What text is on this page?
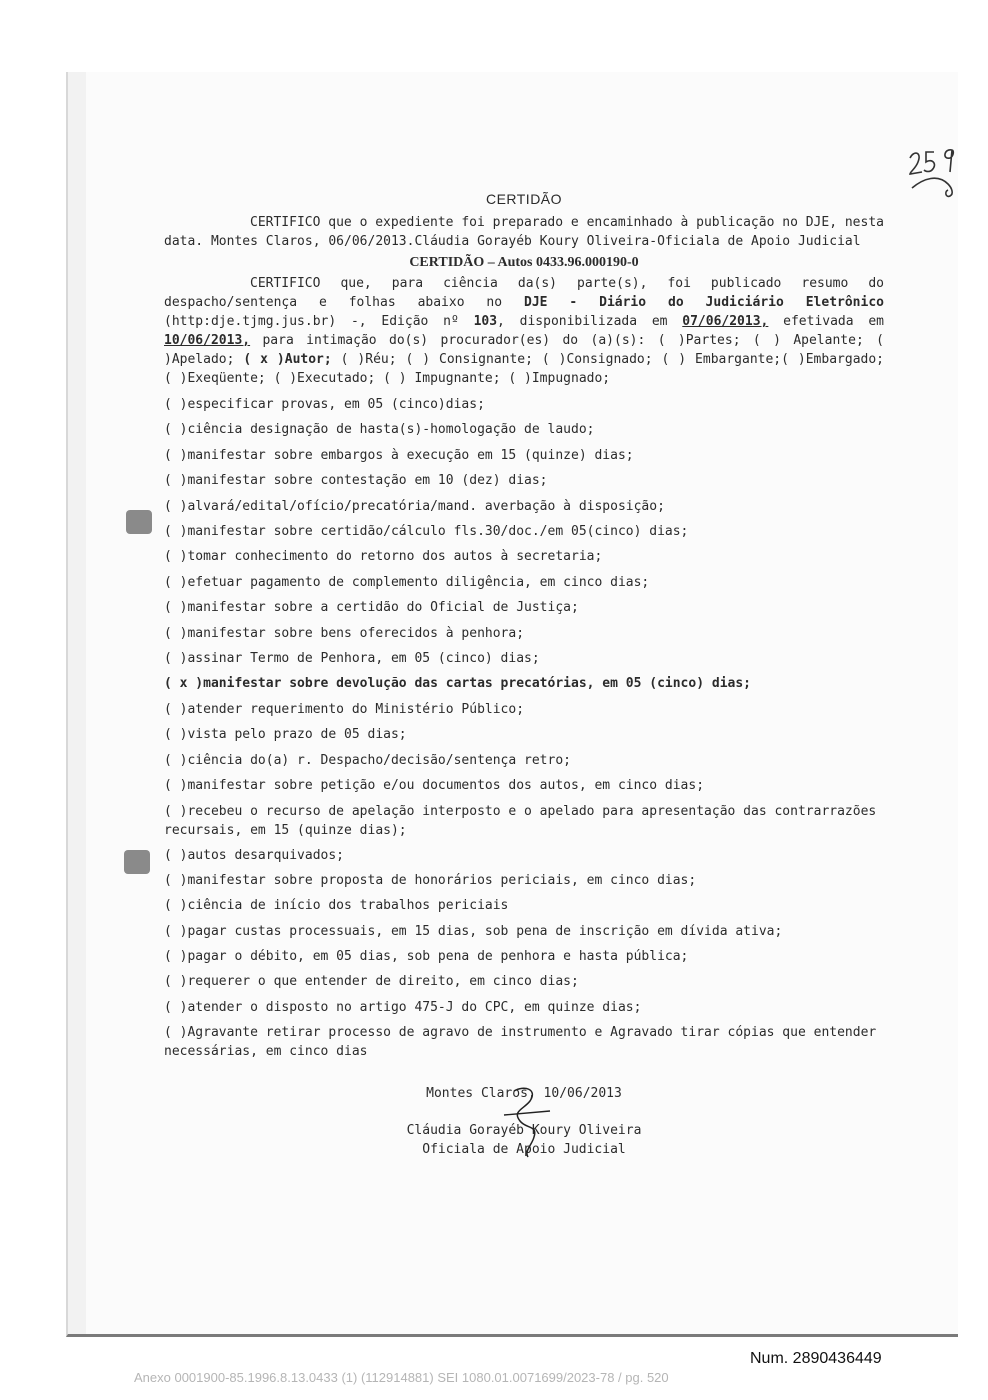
CERTIDÃO

CERTIFICO que o expediente foi preparado e encaminhado à publicação no DJE, nesta data. Montes Claros, 06/06/2013.Cláudia Gorayéb Koury Oliveira-Oficiala de Apoio Judicial

CERTIDÃO – Autos 0433.96.000190-0

CERTIFICO que, para ciência da(s) parte(s), foi publicado resumo do despacho/sentença e folhas abaixo no DJE - Diário do Judiciário Eletrônico (http:dje.tjmg.jus.br) -, Edição nº 103, disponibilizada em 07/06/2013, efetivada em 10/06/2013, para intimação do(s) procurador(es) do (a)(s): ( )Partes; ( ) Apelante; ( )Apelado; ( x )Autor; ( )Réu; ( ) Consignante; ( )Consignado; ( ) Embargante;( )Embargado; ( )Exeqüente; ( )Executado; ( ) Impugnante; ( )Impugnado;

( )especificar provas, em 05 (cinco)dias;
( )ciência designação de hasta(s)-homologação de laudo;
( )manifestar sobre embargos à execução em 15 (quinze) dias;
( )manifestar sobre contestação em 10 (dez) dias;
( )alvará/edital/ofício/precatória/mand. averbação à disposição;
( )manifestar sobre certidão/cálculo fls.30/doc./em 05(cinco) dias;
( )tomar conhecimento do retorno dos autos à secretaria;
( )efetuar pagamento de complemento diligência, em cinco dias;
( )manifestar sobre a certidão do Oficial de Justiça;
( )manifestar sobre bens oferecidos à penhora;
( )assinar Termo de Penhora, em 05 (cinco) dias;
( x )manifestar sobre devolução das cartas precatórias, em 05 (cinco) dias;
( )atender requerimento do Ministério Público;
( )vista pelo prazo de 05 dias;
( )ciência do(a) r. Despacho/decisão/sentença retro;
( )manifestar sobre petição e/ou documentos dos autos, em cinco dias;
( )recebeu o recurso de apelação interposto e o apelado para apresentação das contrarrazões recursais, em 15 (quinze dias);
( )autos desarquivados;
( )manifestar sobre proposta de honorários periciais, em cinco dias;
( )ciência de início dos trabalhos periciais
( )pagar custas processuais, em 15 dias, sob pena de inscrição em dívida ativa;
( )pagar o débito, em 05 dias, sob pena de penhora e hasta pública;
( )requerer o que entender de direito, em cinco dias;
( )atender o disposto no artigo 475-J do CPC, em quinze dias;
( )Agravante retirar processo de agravo de instrumento e Agravado tirar cópias que entender necessárias, em cinco dias
Montes Claros, 10/06/2013
Cláudia Gorayéb Koury Oliveira
Oficiala de Apoio Judicial
Num. 2890436449
Anexo 0001900-85.1996.8.13.0433 (1) (112914881) SEI 1080.01.0071699/2023-78 / pg. 520
